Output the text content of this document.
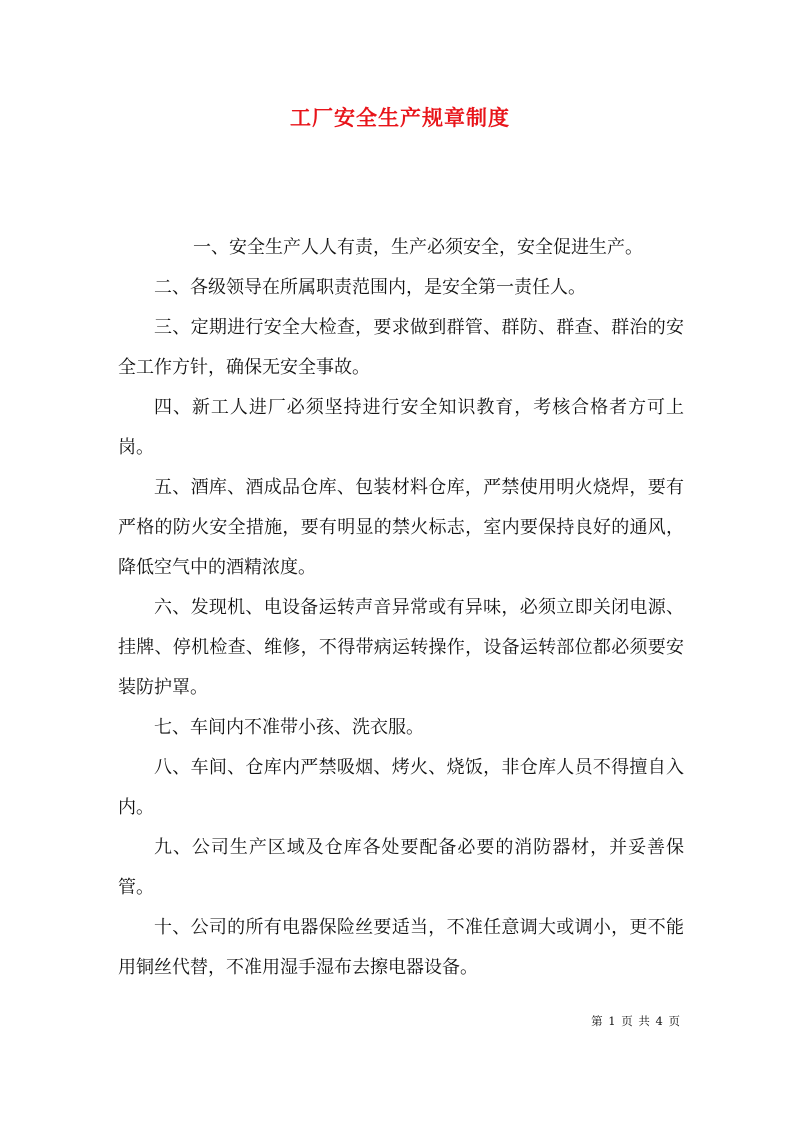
工厂安全生产规章制度

一、安全生产人人有责，生产必须安全，安全促进生产。

二、各级领导在所属职责范围内，是安全第一责任人。

三、定期进行安全大检查，要求做到群管、群防、群查、群治的安全工作方针，确保无安全事故。

四、新工人进厂必须坚持进行安全知识教育，考核合格者方可上岗。

五、酒库、酒成品仓库、包装材料仓库，严禁使用明火烧焊，要有严格的防火安全措施，要有明显的禁火标志，室内要保持良好的通风，降低空气中的酒精浓度。

六、发现机、电设备运转声音异常或有异味，必须立即关闭电源、挂牌、停机检查、维修，不得带病运转操作，设备运转部位都必须要安装防护罩。

七、车间内不准带小孩、洗衣服。

八、车间、仓库内严禁吸烟、烤火、烧饭，非仓库人员不得擅自入内。

九、公司生产区域及仓库各处要配备必要的消防器材，并妥善保管。

十、公司的所有电器保险丝要适当，不准任意调大或调小，更不能用铜丝代替，不准用湿手湿布去擦电器设备。

第 1 页 共 4 页
